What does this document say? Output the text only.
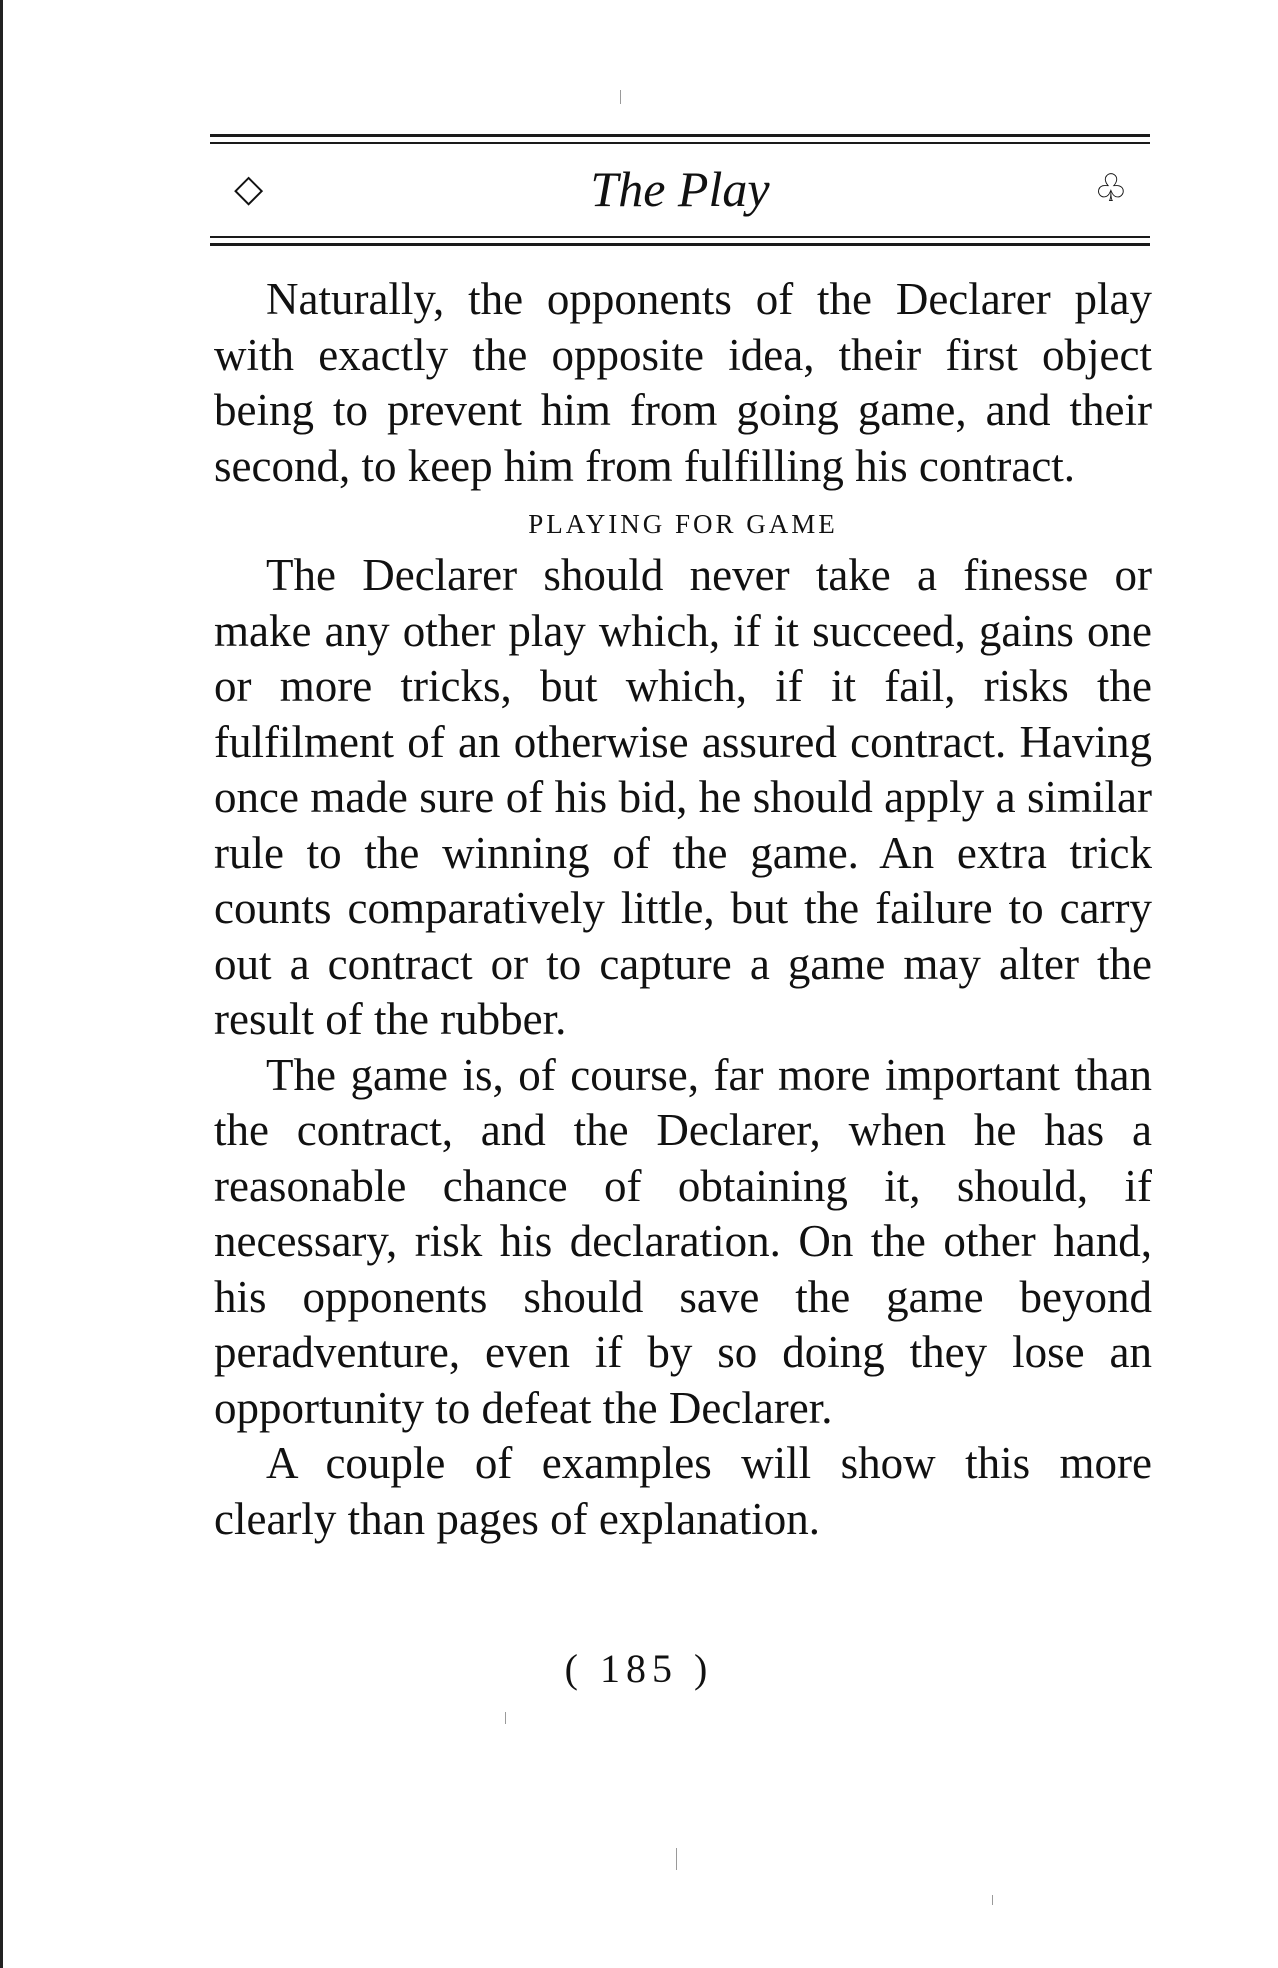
◇	The Play	♧

Naturally, the opponents of the Declarer play with exactly the opposite idea, their first object being to prevent him from going game, and their second, to keep him from fulfilling his contract.

PLAYING FOR GAME

The Declarer should never take a finesse or make any other play which, if it succeed, gains one or more tricks, but which, if it fail, risks the fulfilment of an otherwise assured contract. Having once made sure of his bid, he should apply a similar rule to the winning of the game. An extra trick counts comparatively little, but the failure to carry out a contract or to capture a game may alter the result of the rubber.

The game is, of course, far more important than the contract, and the Declarer, when he has a reasonable chance of obtaining it, should, if necessary, risk his declaration. On the other hand, his opponents should save the game beyond peradventure, even if by so doing they lose an opportunity to defeat the Declarer.

A couple of examples will show this more clearly than pages of explanation.

( 185 )
